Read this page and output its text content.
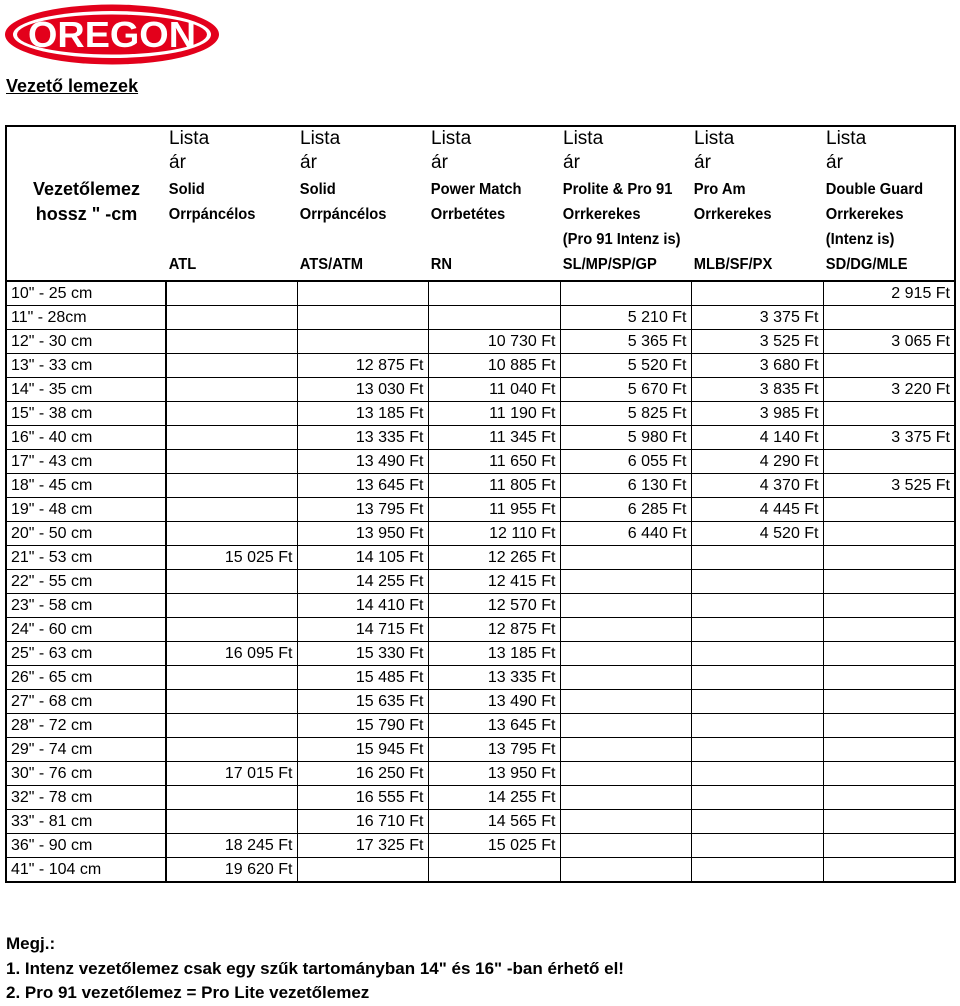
OREGON
Vezető lemezek
	Lista	Lista	Lista	Lista	Lista	Lista
	ár	ár	ár	ár	ár	ár
Vezetőlemez	Solid	Solid	Power Match	Prolite & Pro 91	Pro Am	Double Guard
hossz " -cm	Orrpáncélos	Orrpáncélos	Orrbetétes	Orrkerekes	Orrkerekes	Orrkerekes
				(Pro 91 Intenz is)		(Intenz is)
	ATL	ATS/ATM	RN	SL/MP/SP/GP	MLB/SF/PX	SD/DG/MLE
10" - 25 cm						2 915 Ft
11" - 28cm				5 210 Ft	3 375 Ft	
12" - 30 cm			10 730 Ft	5 365 Ft	3 525 Ft	3 065 Ft
13" - 33 cm		12 875 Ft	10 885 Ft	5 520 Ft	3 680 Ft	
14" - 35 cm		13 030 Ft	11 040 Ft	5 670 Ft	3 835 Ft	3 220 Ft
15" - 38 cm		13 185 Ft	11 190 Ft	5 825 Ft	3 985 Ft	
16" - 40 cm		13 335 Ft	11 345 Ft	5 980 Ft	4 140 Ft	3 375 Ft
17" - 43 cm		13 490 Ft	11 650 Ft	6 055 Ft	4 290 Ft	
18" - 45 cm		13 645 Ft	11 805 Ft	6 130 Ft	4 370 Ft	3 525 Ft
19" - 48 cm		13 795 Ft	11 955 Ft	6 285 Ft	4 445 Ft	
20" - 50 cm		13 950 Ft	12 110 Ft	6 440 Ft	4 520 Ft	
21" - 53 cm	15 025 Ft	14 105 Ft	12 265 Ft			
22" - 55 cm		14 255 Ft	12 415 Ft			
23" - 58 cm		14 410 Ft	12 570 Ft			
24" - 60 cm		14 715 Ft	12 875 Ft			
25" - 63 cm	16 095 Ft	15 330 Ft	13 185 Ft			
26" - 65 cm		15 485 Ft	13 335 Ft			
27" - 68 cm		15 635 Ft	13 490 Ft			
28" - 72 cm		15 790 Ft	13 645 Ft			
29" - 74 cm		15 945 Ft	13 795 Ft			
30" - 76 cm	17 015 Ft	16 250 Ft	13 950 Ft			
32" - 78 cm		16 555 Ft	14 255 Ft			
33" - 81 cm		16 710 Ft	14 565 Ft			
36" - 90 cm	18 245 Ft	17 325 Ft	15 025 Ft			
41" - 104 cm	19 620 Ft					
Megj.:
1. Intenz vezetőlemez csak egy szűk tartományban 14" és 16" -ban érhető el!
2. Pro 91 vezetőlemez = Pro Lite vezetőlemez
